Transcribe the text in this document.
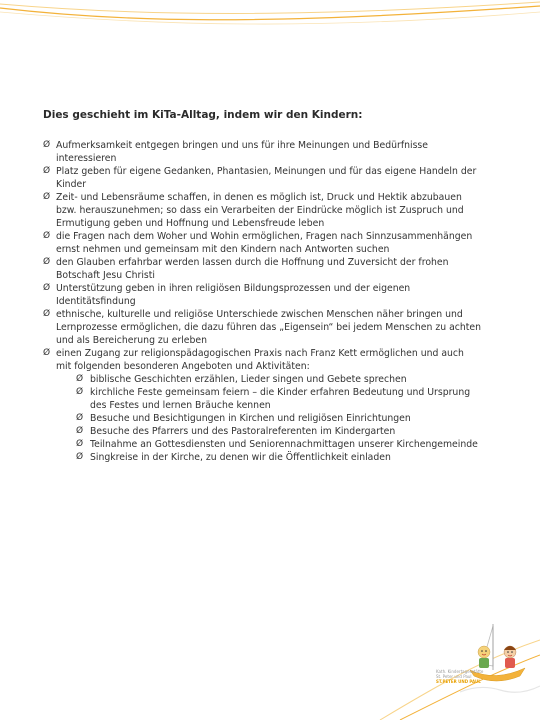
Dies geschieht im KiTa-Alltag, indem wir den Kindern:
Ø Aufmerksamkeit entgegen bringen und uns für ihre Meinungen und Bedürfnisse
interessieren
Ø Platz geben für eigene Gedanken, Phantasien, Meinungen und für das eigene Handeln der
Kinder
Ø Zeit- und Lebensräume schaffen, in denen es möglich ist, Druck und Hektik abzubauen
bzw. herauszunehmen; so dass ein Verarbeiten der Eindrücke möglich ist Zuspruch und
Ermutigung geben und Hoffnung und Lebensfreude leben
Ø die Fragen nach dem Woher und Wohin ermöglichen, Fragen nach Sinnzusammenhängen
ernst nehmen und gemeinsam mit den Kindern nach Antworten suchen
Ø den Glauben erfahrbar werden lassen durch die Hoffnung und Zuversicht der frohen
Botschaft Jesu Christi
Ø Unterstützung geben in ihren religiösen Bildungsprozessen und der eigenen
Identitätsfindung
Ø ethnische, kulturelle und religiöse Unterschiede zwischen Menschen näher bringen und
Lernprozesse ermöglichen, die dazu führen das „Eigensein“ bei jedem Menschen zu achten
und als Bereicherung zu erleben
Ø einen Zugang zur religionspädagogischen Praxis nach Franz Kett ermöglichen und auch
mit folgenden besonderen Angeboten und Aktivitäten:
Ø biblische Geschichten erzählen, Lieder singen und Gebete sprechen
Ø kirchliche Feste gemeinsam feiern – die Kinder erfahren Bedeutung und Ursprung
des Festes und lernen Bräuche kennen
Ø Besuche und Besichtigungen in Kirchen und religiösen Einrichtungen
Ø Besuche des Pfarrers und des Pastoralreferenten im Kindergarten
Ø Teilnahme an Gottesdiensten und Seniorennachmittagen unserer Kirchengemeinde
Ø Singkreise in der Kirche, zu denen wir die Öffentlichkeit einladen
Kath. Kindertagesstätte
St. Peter und Paul
ST.PETER UND PAUL
